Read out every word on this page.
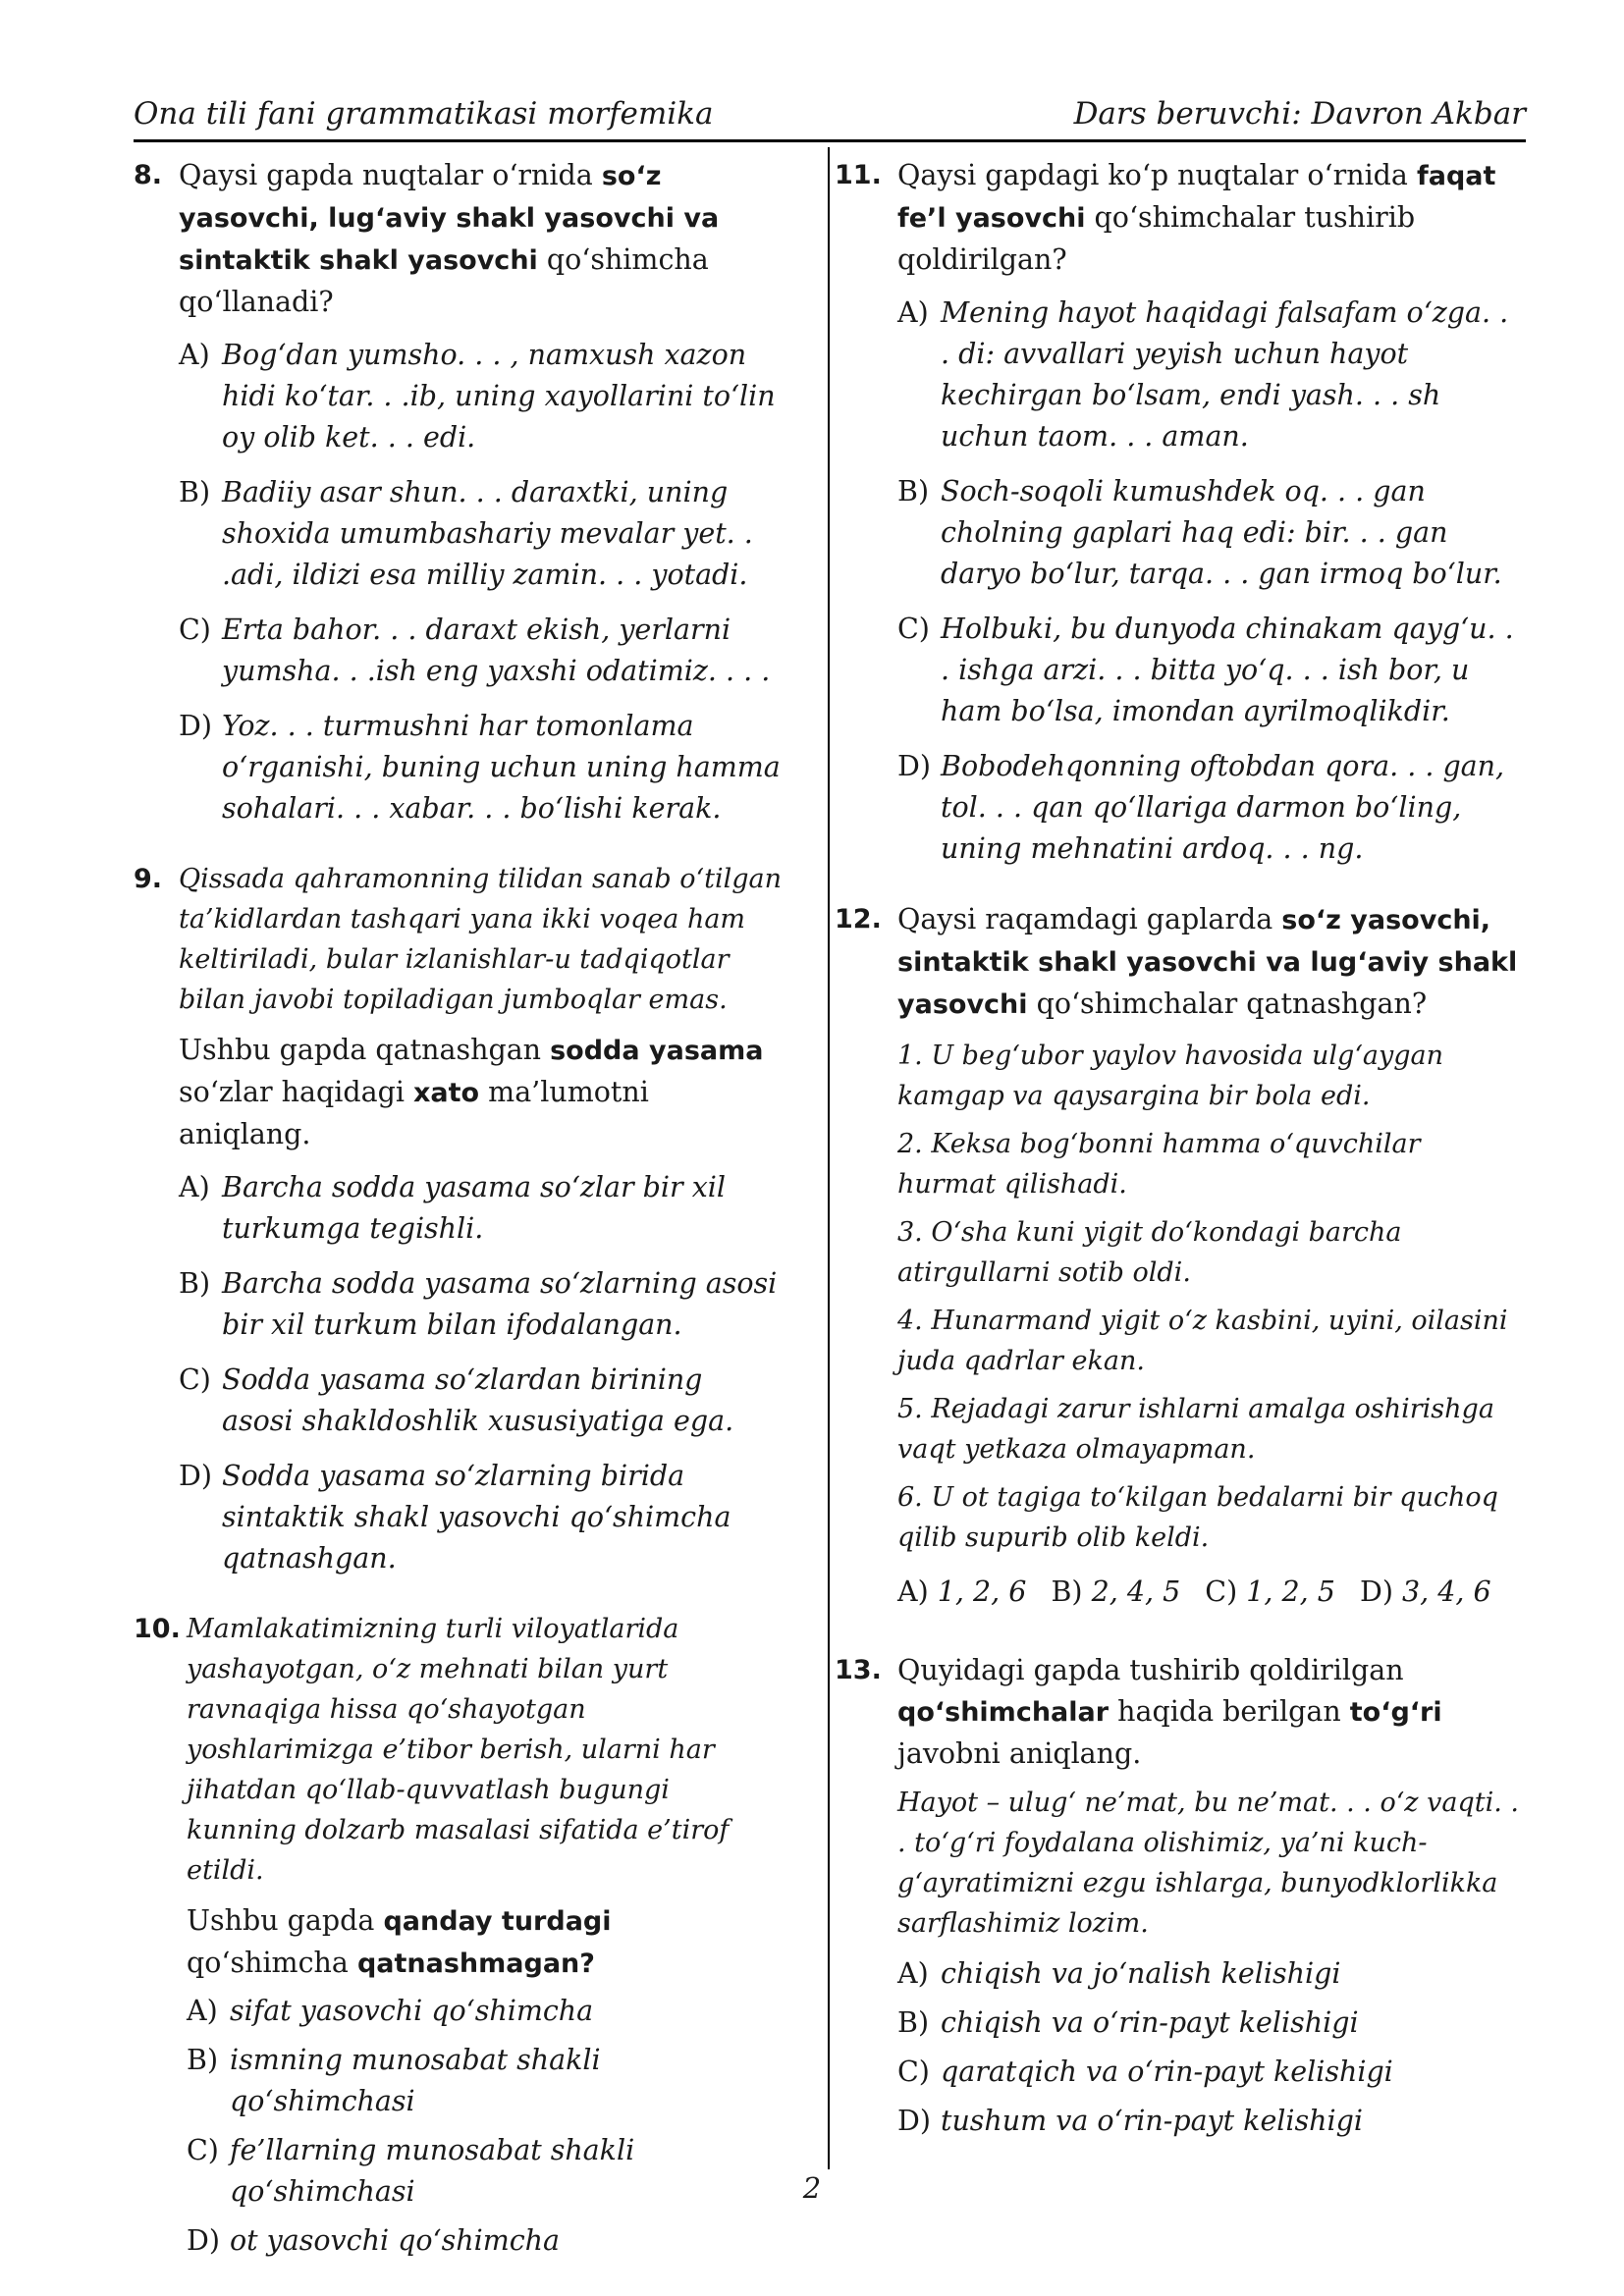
Ona tili fani grammatikasi morfemika	Dars beruvchi: Davron Akbar
8. Qaysi gapda nuqtalar o‘rnida so‘z yasovchi, lug‘aviy shakl yasovchi va sintaktik shakl yasovchi qo‘shimcha qo‘llanadi?

A) Bog‘dan yumsho. . . , namxush xazon hidi ko‘tar. . .ib, uning xayollarini to‘lin oy olib ket. . . edi.
B) Badiiy asar shun. . . daraxtki, uning shoxida umumbashariy mevalar yet. . .adi, ildizi esa milliy zamin. . . yotadi.
C) Erta bahor. . . daraxt ekish, yerlarni yumsha. . .ish eng yaxshi odatimiz. . . .
D) Yoz. . . turmushni har tomonlama o‘rganishi, buning uchun uning hamma sohalari. . . xabar. . . bo‘lishi kerak.
9. Qissada qahramonning tilidan sanab o‘tilgan ta’kidlardan tashqari yana ikki voqea ham keltiriladi, bular izlanishlar-u tadqiqotlar bilan javobi topiladigan jumboqlar emas.

Ushbu gapda qatnashgan sodda yasama so‘zlar haqidagi xato ma’lumotni aniqlang.

A) Barcha sodda yasama so‘zlar bir xil turkumga tegishli.
B) Barcha sodda yasama so‘zlarning asosi bir xil turkum bilan ifodalangan.
C) Sodda yasama so‘zlardan birining asosi shakldoshlik xususiyatiga ega.
D) Sodda yasama so‘zlarning birida sintaktik shakl yasovchi qo‘shimcha qatnashgan.
10. Mamlakatimizning turli viloyatlarida yashayotgan, o‘z mehnati bilan yurt ravnaqiga hissa qo‘shayotgan yoshlarimizga e’tibor berish, ularni har jihatdan qo‘llab-quvvatlash bugungi kunning dolzarb masalasi sifatida e’tirof etildi.

Ushbu gapda qanday turdagi qo‘shimcha qatnashmagan?

A) sifat yasovchi qo‘shimcha
B) ismning munosabat shakli qo‘shimchasi
C) fe’llarning munosabat shakli qo‘shimchasi
D) ot yasovchi qo‘shimcha
11. Qaysi gapdagi ko‘p nuqtalar o‘rnida faqat fe’l yasovchi qo‘shimchalar tushirib qoldirilgan?

A) Mening hayot haqidagi falsafam o‘zga. . . di: avvallari yeyish uchun hayot kechirgan bo‘lsam, endi yash. . . sh uchun taom. . . aman.
B) Soch-soqoli kumushdek oq. . . gan cholning gaplari haq edi: bir. . . gan daryo bo‘lur, tarqa. . . gan irmoq bo‘lur.
C) Holbuki, bu dunyoda chinakam qayg‘u. . . ishga arzi. . . bitta yo‘q. . . ish bor, u ham bo‘lsa, imondan ayrilmoqlikdir.
D) Bobodehqonning oftobdan qora. . . gan, tol. . . qan qo‘llariga darmon bo‘ling, uning mehnatini ardoq. . . ng.
12. Qaysi raqamdagi gaplarda so‘z yasovchi, sintaktik shakl yasovchi va lug‘aviy shakl yasovchi qo‘shimchalar qatnashgan?

1. U beg‘ubor yaylov havosida ulg‘aygan kamgap va qaysargina bir bola edi.

2. Keksa bog‘bonni hamma o‘quvchilar hurmat qilishadi.

3. O‘sha kuni yigit do‘kondagi barcha atirgullarni sotib oldi.

4. Hunarmand yigit o‘z kasbini, uyini, oilasini juda qadrlar ekan.

5. Rejadagi zarur ishlarni amalga oshirishga vaqt yetkaza olmayapman.

6. U ot tagiga to‘kilgan bedalarni bir quchoq qilib supurib olib keldi.

A) 1, 2, 6 B) 2, 4, 5 C) 1, 2, 5 D) 3, 4, 6
13. Quyidagi gapda tushirib qoldirilgan qo‘shimchalar haqida berilgan to‘g‘ri javobni aniqlang.

Hayot – ulug‘ ne’mat, bu ne’mat. . . o‘z vaqti. . . to‘g‘ri foydalana olishimiz, ya’ni kuch-g‘ayratimizni ezgu ishlarga, bunyodklorlikka sarflashimiz lozim.

A) chiqish va jo‘nalish kelishigi
B) chiqish va o‘rin-payt kelishigi
C) qaratqich va o‘rin-payt kelishigi
D) tushum va o‘rin-payt kelishigi
2
